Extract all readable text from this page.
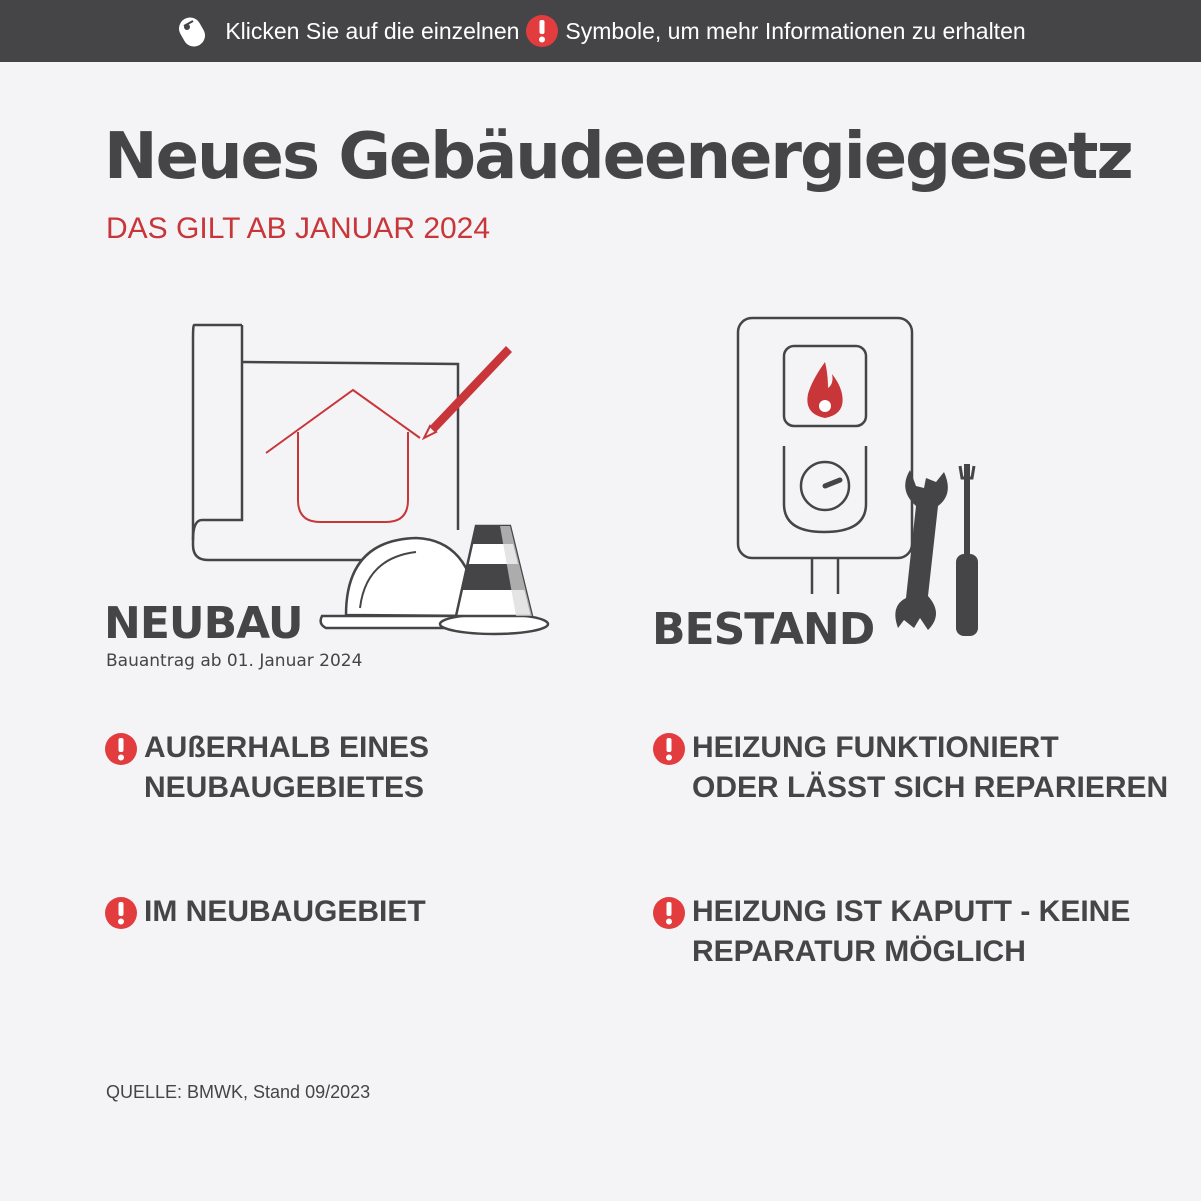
Klicken Sie auf die einzelnen Symbole, um mehr Informationen zu erhalten
Neues Gebäudeenergiegesetz
DAS GILT AB JANUAR 2024
NEUBAU
Bauantrag ab 01. Januar 2024
BESTAND
AUßERHALB EINES
NEUBAUGEBIETES
IM NEUBAUGEBIET
HEIZUNG FUNKTIONIERT
ODER LÄSST SICH REPARIEREN
HEIZUNG IST KAPUTT - KEINE
REPARATUR MÖGLICH
QUELLE: BMWK, Stand 09/2023
